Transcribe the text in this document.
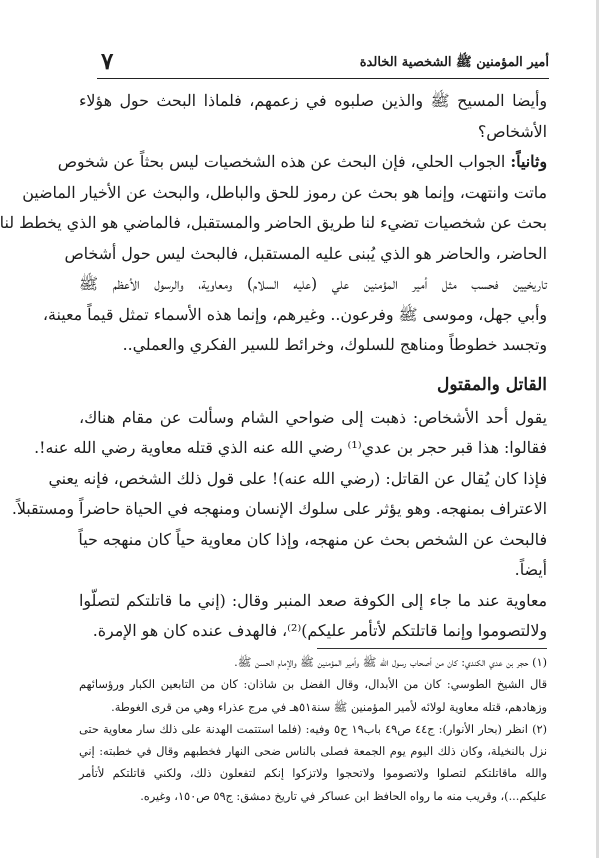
أمير المؤمنين ﷺ الشخصية الخالدة
٧
وأيضا المسيح ﷺ والذين صلبوه في زعمهم، فلماذا البحث حول هؤلاء
الأشخاص؟
وثانياً: الجواب الحلي، فإن البحث عن هذه الشخصيات ليس بحثاً عن شخوص
ماتت وانتهت، وإنما هو بحث عن رموز للحق والباطل، والبحث عن الأخيار الماضين
بحث عن شخصيات تضيء لنا طريق الحاضر والمستقبل، فالماضي هو الذي يخطط لنا
الحاضر، والحاضر هو الذي يُبنى عليه المستقبل، فالبحث ليس حول أشخاص
تاريخيين فحسب مثل أمير المؤمنين علي (عليه السلام) ومعاوية، والرسول الأعظم ﷺ
وأبي جهل، وموسى ﷺ وفرعون.. وغيرهم، وإنما هذه الأسماء تمثل قيماً معينة،
وتجسد خطوطاً ومناهج للسلوك، وخرائط للسير الفكري والعملي..
القاتل والمقتول
يقول أحد الأشخاص: ذهبت إلى ضواحي الشام وسألت عن مقام هناك،
فقالوا: هذا قبر حجر بن عدي⁽¹⁾ رضي الله عنه الذي قتله معاوية رضي الله عنه!.
فإذا كان يُقال عن القاتل: (رضي الله عنه)! على قول ذلك الشخص، فإنه يعني
الاعتراف بمنهجه. وهو يؤثر على سلوك الإنسان ومنهجه في الحياة حاضراً ومستقبلاً.
فالبحث عن الشخص بحث عن منهجه، وإذا كان معاوية حياً كان منهجه حياً
أيضاً.
معاوية عند ما جاء إلى الكوفة صعد المنبر وقال: (إني ما قاتلتكم لتصلّوا
ولالتصوموا وإنما قاتلتكم لأتأمر عليكم)⁽²⁾، فالهدف عنده كان هو الإمرة.
(١) حجر بن عدي الكندي: كان من أصحاب رسول الله ﷺ وأمير المؤمنين ﷺ والإمام الحسن ﷺ.
قال الشيخ الطوسي: كان من الأبدال، وقال الفضل بن شاذان: كان من التابعين الكبار ورؤسائهم
وزهادهم، قتله معاوية لولائه لأمير المؤمنين ﷺ سنة٥١هـ في مرج عذراء وهي من قرى الغوطة.
(٢) انظر (بحار الأنوار): ج٤٤ ص٤٩ باب١٩ ح٥ وفيه: (فلما استتمت الهدنة على ذلك سار معاوية حتى
نزل بالنخيلة، وكان ذلك اليوم يوم الجمعة فصلى بالناس ضحى النهار فخطبهم وقال في خطبته: إني
والله ماقاتلتكم لتصلوا ولاتصوموا ولاتحجوا ولاتزكوا إنكم لتفعلون ذلك، ولكني قاتلتكم لأتأمر
عليكم...)، وقريب منه ما رواه الحافظ ابن عساكر في تاريخ دمشق: ج٥٩ ص١٥٠، وغيره.
